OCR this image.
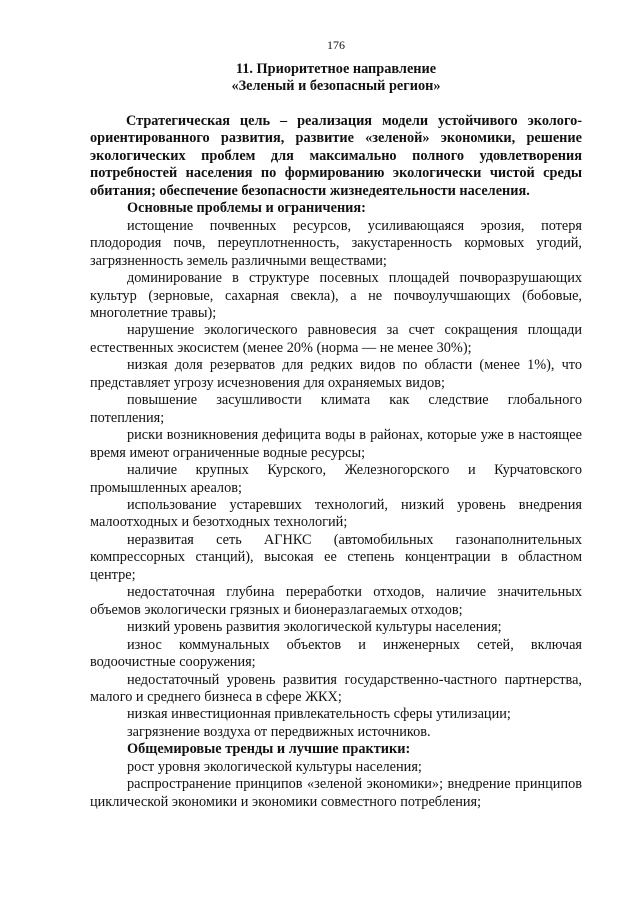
176
11. Приоритетное направление
«Зеленый и безопасный регион»

Стратегическая цель – реализация модели устойчивого эколого-ориентированного развития, развитие «зеленой» экономики, решение экологических проблем для максимально полного удовлетворения потребностей населения по формированию экологически чистой среды обитания; обеспечение безопасности жизнедеятельности населения.

Основные проблемы и ограничения:

истощение почвенных ресурсов, усиливающаяся эрозия, потеря плодородия почв, переуплотненность, закустаренность кормовых угодий, загрязненность земель различными веществами;

доминирование в структуре посевных площадей почворазрушающих культур (зерновые, сахарная свекла), а не почвоулучшающих (бобовые, многолетние травы);

нарушение экологического равновесия за счет сокращения площади естественных экосистем (менее 20% (норма — не менее 30%);

низкая доля резерватов для редких видов по области (менее 1%), что представляет угрозу исчезновения для охраняемых видов;

повышение засушливости климата как следствие глобального потепления;

риски возникновения дефицита воды в районах, которые уже в настоящее время имеют ограниченные водные ресурсы;

наличие крупных Курского, Железногорского и Курчатовского промышленных ареалов;

использование устаревших технологий, низкий уровень внедрения малоотходных и безотходных технологий;

неразвитая сеть АГНКС (автомобильных газонаполнительных компрессорных станций), высокая ее степень концентрации в областном центре;

недостаточная глубина переработки отходов, наличие значительных объемов экологически грязных и бионеразлагаемых отходов;

низкий уровень развития экологической культуры населения;

износ коммунальных объектов и инженерных сетей, включая водоочистные сооружения;

недостаточный уровень развития государственно-частного партнерства, малого и среднего бизнеса в сфере ЖКХ;

низкая инвестиционная привлекательность сферы утилизации;

загрязнение воздуха от передвижных источников.

Общемировые тренды и лучшие практики:

рост уровня экологической культуры населения;

распространение принципов «зеленой экономики»; внедрение принципов циклической экономики и экономики совместного потребления;
